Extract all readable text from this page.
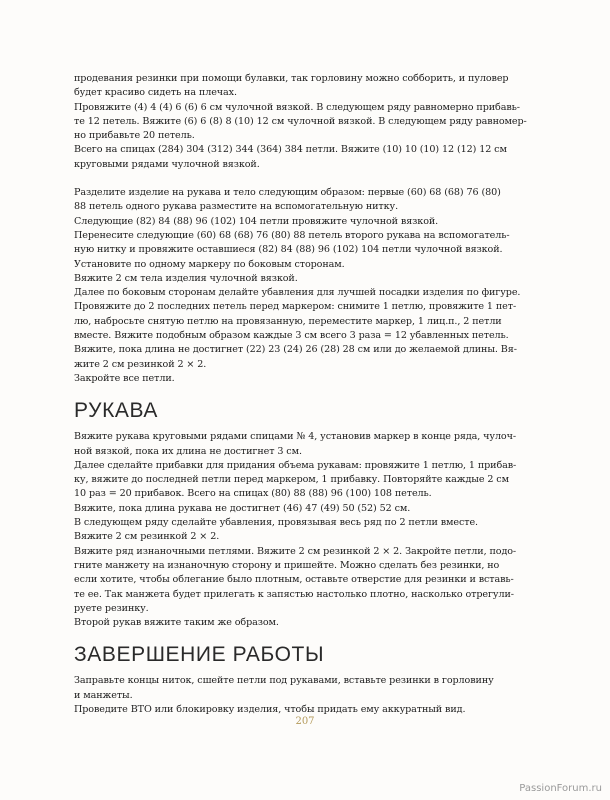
продевания резинки при помощи булавки, так горловину можно собборить, и пуловер
будет красиво сидеть на плечах.

Провяжите (4) 4 (4) 6 (6) 6 см чулочной вязкой. В следующем ряду равномерно прибавь-
те 12 петель. Вяжите (6) 6 (8) 8 (10) 12 см чулочной вязкой. В следующем ряду равномер-
но прибавьте 20 петель.

Всего на спицах (284) 304 (312) 344 (364) 384 петли. Вяжите (10) 10 (10) 12 (12) 12 см
круговыми рядами чулочной вязкой.

Разделите изделие на рукава и тело следующим образом: первые (60) 68 (68) 76 (80)
88 петель одного рукава разместите на вспомогательную нитку.

Следующие (82) 84 (88) 96 (102) 104 петли провяжите чулочной вязкой.

Перенесите следующие (60) 68 (68) 76 (80) 88 петель второго рукава на вспомогатель-
ную нитку и провяжите оставшиеся (82) 84 (88) 96 (102) 104 петли чулочной вязкой.

Установите по одному маркеру по боковым сторонам.

Вяжите 2 см тела изделия чулочной вязкой.

Далее по боковым сторонам делайте убавления для лучшей посадки изделия по фигуре.
Провяжите до 2 последних петель перед маркером: снимите 1 петлю, провяжите 1 пет-
лю, набросьте снятую петлю на провязанную, переместите маркер, 1 лиц.п., 2 петли
вместе. Вяжите подобным образом каждые 3 см всего 3 раза = 12 убавленных петель.

Вяжите, пока длина не достигнет (22) 23 (24) 26 (28) 28 см или до желаемой длины. Вя-
жите 2 см резинкой 2 × 2.

Закройте все петли.

РУКАВА

Вяжите рукава круговыми рядами спицами № 4, установив маркер в конце ряда, чулоч-
ной вязкой, пока их длина не достигнет 3 см.

Далее сделайте прибавки для придания объема рукавам: провяжите 1 петлю, 1 прибав-
ку, вяжите до последней петли перед маркером, 1 прибавку. Повторяйте каждые 2 см
10 раз = 20 прибавок. Всего на спицах (80) 88 (88) 96 (100) 108 петель.

Вяжите, пока длина рукава не достигнет (46) 47 (49) 50 (52) 52 см.

В следующем ряду сделайте убавления, провязывая весь ряд по 2 петли вместе.

Вяжите 2 см резинкой 2 × 2.

Вяжите ряд изнаночными петлями. Вяжите 2 см резинкой 2 × 2. Закройте петли, подо-
гните манжету на изнаночную сторону и пришейте. Можно сделать без резинки, но
если хотите, чтобы облегание было плотным, оставьте отверстие для резинки и вставь-
те ее. Так манжета будет прилегать к запястью настолько плотно, насколько отрегули-
руете резинку.

Второй рукав вяжите таким же образом.

ЗАВЕРШЕНИЕ РАБОТЫ

Заправьте концы ниток, сшейте петли под рукавами, вставьте резинки в горловину
и манжеты.

Проведите ВТО или блокировку изделия, чтобы придать ему аккуратный вид.

207
PassionForum.ru
